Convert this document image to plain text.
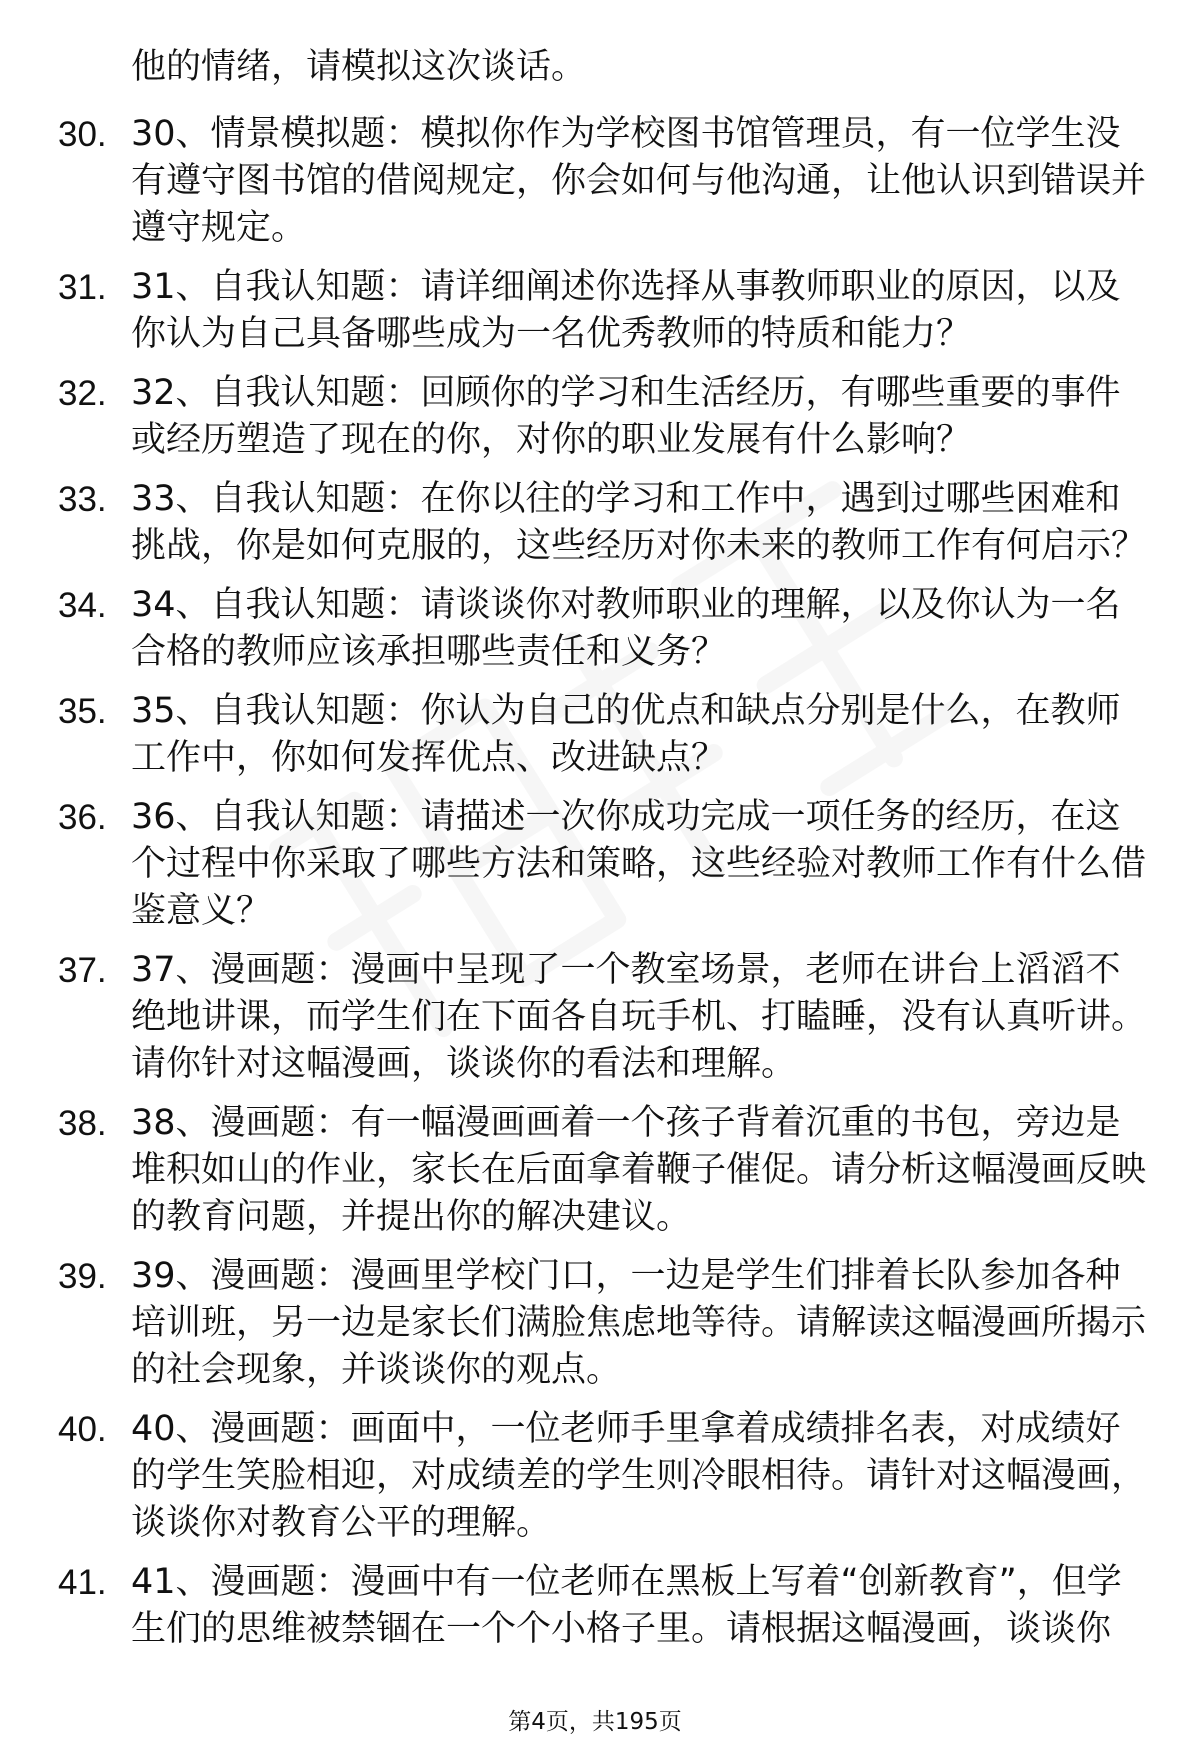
他的情绪，请模拟这次谈话。
30. 30、情景模拟题：模拟你作为学校图书馆管理员，有一位学生没有遵守图书馆的借阅规定，你会如何与他沟通，让他认识到错误并遵守规定。
31. 31、自我认知题：请详细阐述你选择从事教师职业的原因，以及你认为自己具备哪些成为一名优秀教师的特质和能力？
32. 32、自我认知题：回顾你的学习和生活经历，有哪些重要的事件或经历塑造了现在的你，对你的职业发展有什么影响？
33. 33、自我认知题：在你以往的学习和工作中，遇到过哪些困难和挑战，你是如何克服的，这些经历对你未来的教师工作有何启示？
34. 34、自我认知题：请谈谈你对教师职业的理解，以及你认为一名合格的教师应该承担哪些责任和义务？
35. 35、自我认知题：你认为自己的优点和缺点分别是什么，在教师工作中，你如何发挥优点、改进缺点？
36. 36、自我认知题：请描述一次你成功完成一项任务的经历，在这个过程中你采取了哪些方法和策略，这些经验对教师工作有什么借鉴意义？
37. 37、漫画题：漫画中呈现了一个教室场景，老师在讲台上滔滔不绝地讲课，而学生们在下面各自玩手机、打瞌睡，没有认真听讲。请你针对这幅漫画，谈谈你的看法和理解。
38. 38、漫画题：有一幅漫画画着一个孩子背着沉重的书包，旁边是堆积如山的作业，家长在后面拿着鞭子催促。请分析这幅漫画反映的教育问题，并提出你的解决建议。
39. 39、漫画题：漫画里学校门口，一边是学生们排着长队参加各种培训班，另一边是家长们满脸焦虑地等待。请解读这幅漫画所揭示的社会现象，并谈谈你的观点。
40. 40、漫画题：画面中，一位老师手里拿着成绩排名表，对成绩好的学生笑脸相迎，对成绩差的学生则冷眼相待。请针对这幅漫画，谈谈你对教育公平的理解。
41. 41、漫画题：漫画中有一位老师在黑板上写着“创新教育”，但学生们的思维被禁锢在一个个小格子里。请根据这幅漫画，谈谈你
第4页，共195页
